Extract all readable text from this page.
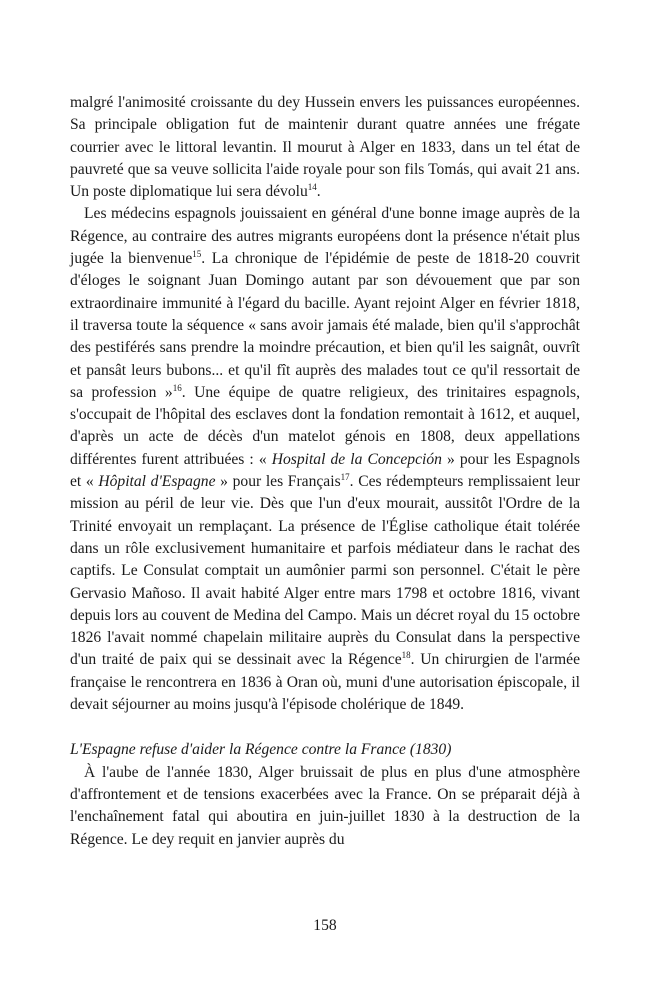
malgré l'animosité croissante du dey Hussein envers les puissances européennes. Sa principale obligation fut de maintenir durant quatre années une frégate courrier avec le littoral levantin. Il mourut à Alger en 1833, dans un tel état de pauvreté que sa veuve sollicita l'aide royale pour son fils Tomás, qui avait 21 ans. Un poste diplomatique lui sera dévolu$^{14}$.

Les médecins espagnols jouissaient en général d'une bonne image auprès de la Régence, au contraire des autres migrants européens dont la présence n'était plus jugée la bienvenue$^{15}$. La chronique de l'épidémie de peste de 1818-20 couvrit d'éloges le soignant Juan Domingo autant par son dévouement que par son extraordinaire immunité à l'égard du bacille. Ayant rejoint Alger en février 1818, il traversa toute la séquence « sans avoir jamais été malade, bien qu'il s'approchât des pestiférés sans prendre la moindre précaution, et bien qu'il les saignât, ouvrît et pansât leurs bubons... et qu'il fît auprès des malades tout ce qu'il ressortait de sa profession »$^{16}$. Une équipe de quatre religieux, des trinitaires espagnols, s'occupait de l'hôpital des esclaves dont la fondation remontait à 1612, et auquel, d'après un acte de décès d'un matelot génois en 1808, deux appellations différentes furent attribuées : « Hospital de la Concepción » pour les Espagnols et « Hôpital d'Espagne » pour les Français$^{17}$. Ces rédempteurs remplissaient leur mission au péril de leur vie. Dès que l'un d'eux mourait, aussitôt l'Ordre de la Trinité envoyait un remplaçant. La présence de l'Église catholique était tolérée dans un rôle exclusivement humanitaire et parfois médiateur dans le rachat des captifs. Le Consulat comptait un aumônier parmi son personnel. C'était le père Gervasio Mañoso. Il avait habité Alger entre mars 1798 et octobre 1816, vivant depuis lors au couvent de Medina del Campo. Mais un décret royal du 15 octobre 1826 l'avait nommé chapelain militaire auprès du Consulat dans la perspective d'un traité de paix qui se dessinait avec la Régence$^{18}$. Un chirurgien de l'armée française le rencontrera en 1836 à Oran où, muni d'une autorisation épiscopale, il devait séjourner au moins jusqu'à l'épisode cholérique de 1849.

L'Espagne refuse d'aider la Régence contre la France (1830)

À l'aube de l'année 1830, Alger bruissait de plus en plus d'une atmosphère d'affrontement et de tensions exacerbées avec la France. On se préparait déjà à l'enchaînement fatal qui aboutira en juin-juillet 1830 à la destruction de la Régence. Le dey requit en janvier auprès du

158
